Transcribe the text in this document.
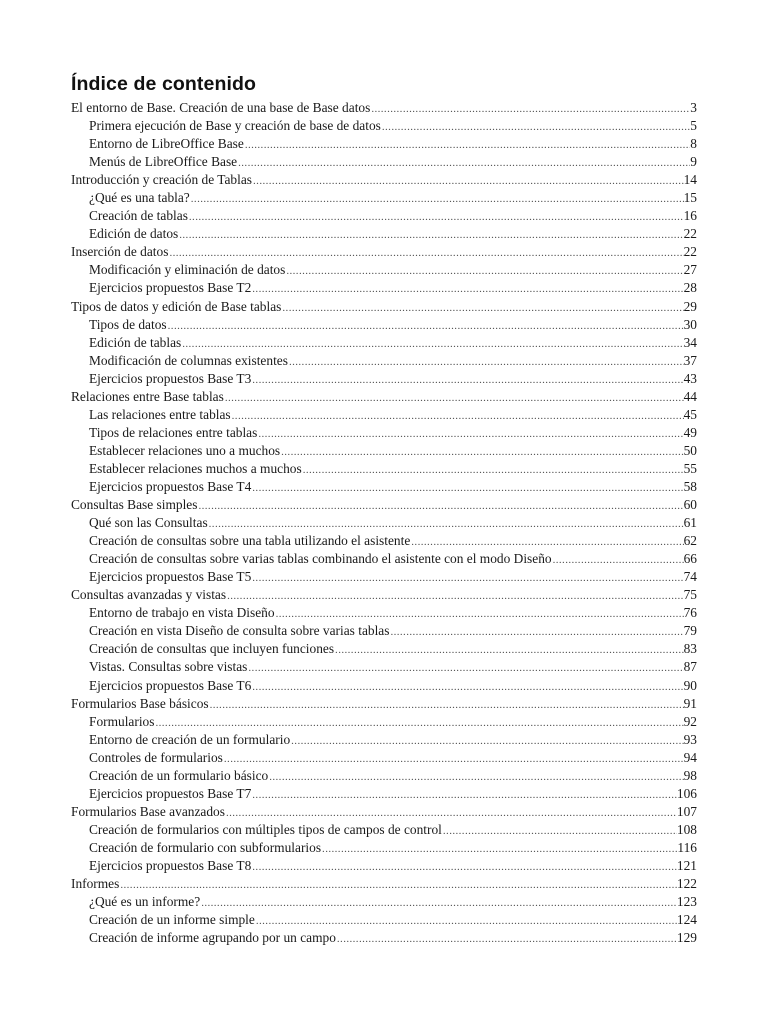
Índice de contenido
El entorno de Base. Creación de una base de Base datos .....	3
Primera ejecución de Base y creación de base de datos .....	5
Entorno de LibreOffice Base .....	8
Menús de LibreOffice Base .....	9
Introducción y creación de Tablas .....	14
¿Qué es una tabla? .....	15
Creación de tablas .....	16
Edición de datos .....	22
Inserción de datos .....	22
Modificación y eliminación de datos .....	27
Ejercicios propuestos Base T2 .....	28
Tipos de datos y edición de Base tablas .....	29
Tipos de datos .....	30
Edición de tablas .....	34
Modificación de columnas existentes .....	37
Ejercicios propuestos Base T3 .....	43
Relaciones entre Base tablas .....	44
Las relaciones entre tablas .....	45
Tipos de relaciones entre tablas .....	49
Establecer relaciones uno a muchos .....	50
Establecer relaciones muchos a muchos .....	55
Ejercicios propuestos Base T4 .....	58
Consultas Base simples .....	60
Qué son las Consultas .....	61
Creación de consultas sobre una tabla utilizando el asistente .....	62
Creación de consultas sobre varias tablas combinando el asistente con el modo Diseño .....	66
Ejercicios propuestos Base T5 .....	74
Consultas avanzadas y vistas .....	75
Entorno de trabajo en vista Diseño .....	76
Creación en vista Diseño de consulta sobre varias tablas .....	79
Creación de consultas que incluyen funciones .....	83
Vistas. Consultas sobre vistas .....	87
Ejercicios propuestos Base T6 .....	90
Formularios Base básicos .....	91
Formularios .....	92
Entorno de creación de un formulario .....	93
Controles de formularios .....	94
Creación de un formulario básico .....	98
Ejercicios propuestos Base T7 .....	106
Formularios Base avanzados .....	107
Creación de formularios con múltiples tipos de campos de control .....	108
Creación de formulario con subformularios .....	116
Ejercicios propuestos Base T8 .....	121
Informes .....	122
¿Qué es un informe? .....	123
Creación de un informe simple .....	124
Creación de informe agrupando por un campo .....	129
